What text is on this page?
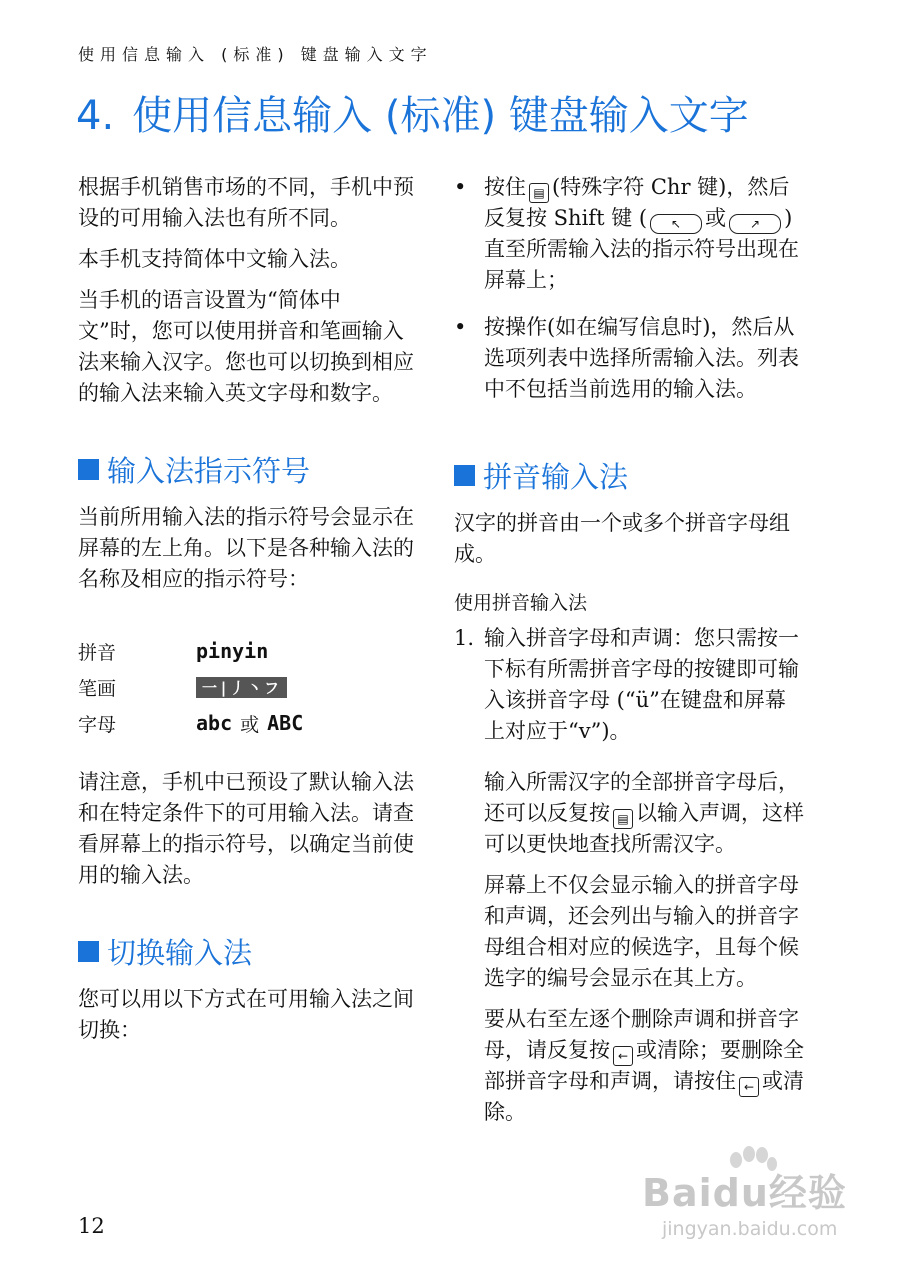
使用信息输入 (标准) 键盘输入文字
4. 使用信息输入 (标准) 键盘输入文字

根据手机销售市场的不同，手机中预设的可用输入法也有所不同。

本手机支持简体中文输入法。

当手机的语言设置为“简体中文”时，您可以使用拼音和笔画输入法来输入汉字。您也可以切换到相应的输入法来输入英文字母和数字。

输入法指示符号

当前所用输入法的指示符号会显示在屏幕的左上角。以下是各种输入法的名称及相应的指示符号：

拼音	pinyin
笔画	一|丿丶フ
字母	abc 或 ABC

请注意，手机中已预设了默认输入法和在特定条件下的可用输入法。请查看屏幕上的指示符号，以确定当前使用的输入法。

切换输入法

您可以用以下方式在可用输入法之间切换：

• 按住 ▤ (特殊字符 Chr 键)，然后反复按 Shift 键 ( ↖ 或 ↗ ) 直至所需输入法的指示符号出现在屏幕上；

• 按操作(如在编写信息时)，然后从选项列表中选择所需输入法。列表中不包括当前选用的输入法。

拼音输入法

汉字的拼音由一个或多个拼音字母组成。

使用拼音输入法
1. 输入拼音字母和声调：您只需按一下标有所需拼音字母的按键即可输入该拼音字母 (“ü”在键盘和屏幕上对应于“v”)。

输入所需汉字的全部拼音字母后，还可以反复按 ▤ 以输入声调，这样可以更快地查找所需汉字。

屏幕上不仅会显示输入的拼音字母和声调，还会列出与输入的拼音字母组合相对应的候选字，且每个候选字的编号会显示在其上方。

要从右至左逐个删除声调和拼音字母，请反复按 ← 或清除；要删除全部拼音字母和声调，请按住 ← 或清除。

12
Baidu经验
jingyan.baidu.com
